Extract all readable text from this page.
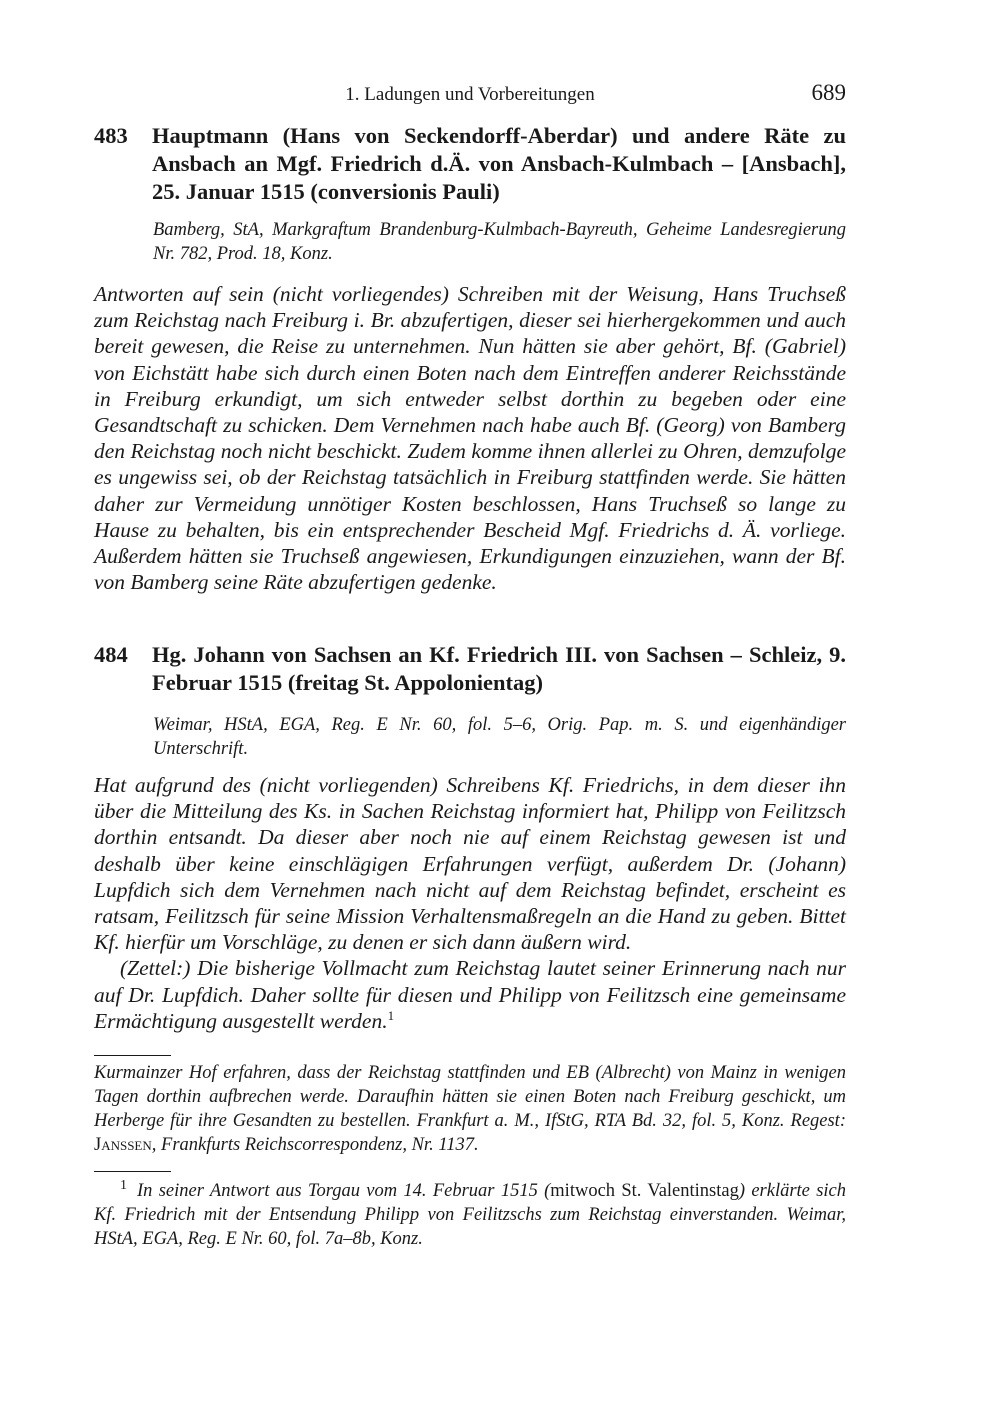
1. Ladungen und Vorbereitungen	689
483 Hauptmann (Hans von Seckendorff-Aberdar) und andere Räte zu Ansbach an Mgf. Friedrich d.Ä. von Ansbach-Kulmbach – [Ansbach], 25. Januar 1515 (conversionis Pauli)
Bamberg, StA, Markgraftum Brandenburg-Kulmbach-Bayreuth, Geheime Landesregierung Nr. 782, Prod. 18, Konz.

Antworten auf sein (nicht vorliegendes) Schreiben mit der Weisung, Hans Truchseß zum Reichstag nach Freiburg i. Br. abzufertigen, dieser sei hierhergekommen und auch bereit gewesen, die Reise zu unternehmen. Nun hätten sie aber gehört, Bf. (Gabriel) von Eichstätt habe sich durch einen Boten nach dem Eintreffen anderer Reichsstände in Freiburg erkundigt, um sich entweder selbst dorthin zu begeben oder eine Gesandtschaft zu schicken. Dem Vernehmen nach habe auch Bf. (Georg) von Bamberg den Reichstag noch nicht beschickt. Zudem komme ihnen allerlei zu Ohren, demzufolge es ungewiss sei, ob der Reichstag tatsächlich in Freiburg stattfinden werde. Sie hätten daher zur Vermeidung unnötiger Kosten beschlossen, Hans Truchseß so lange zu Hause zu behalten, bis ein entsprechender Bescheid Mgf. Friedrichs d. Ä. vorliege. Außerdem hätten sie Truchseß angewiesen, Erkundigungen einzuziehen, wann der Bf. von Bamberg seine Räte abzufertigen gedenke.

484 Hg. Johann von Sachsen an Kf. Friedrich III. von Sachsen – Schleiz, 9. Februar 1515 (freitag St. Appolonientag)
Weimar, HStA, EGA, Reg. E Nr. 60, fol. 5–6, Orig. Pap. m. S. und eigenhändiger Unterschrift.

Hat aufgrund des (nicht vorliegenden) Schreibens Kf. Friedrichs, in dem dieser ihn über die Mitteilung des Ks. in Sachen Reichstag informiert hat, Philipp von Feilitzsch dorthin entsandt. Da dieser aber noch nie auf einem Reichstag gewesen ist und deshalb über keine einschlägigen Erfahrungen verfügt, außerdem Dr. (Johann) Lupfdich sich dem Vernehmen nach nicht auf dem Reichstag befindet, erscheint es ratsam, Feilitzsch für seine Mission Verhaltensmaßregeln an die Hand zu geben. Bittet Kf. hierfür um Vorschläge, zu denen er sich dann äußern wird.

(Zettel:) Die bisherige Vollmacht zum Reichstag lautet seiner Erinnerung nach nur auf Dr. Lupfdich. Daher sollte für diesen und Philipp von Feilitzsch eine gemeinsame Ermächtigung ausgestellt werden.$^1$

Kurmainzer Hof erfahren, dass der Reichstag stattfinden und EB (Albrecht) von Mainz in wenigen Tagen dorthin aufbrechen werde. Daraufhin hätten sie einen Boten nach Freiburg geschickt, um Herberge für ihre Gesandten zu bestellen. Frankfurt a. M., IfStG, RTA Bd. 32, fol. 5, Konz. Regest: Janssen, Frankfurts Reichscorrespondenz, Nr. 1137.

$^1$ In seiner Antwort aus Torgau vom 14. Februar 1515 (mitwoch St. Valentinstag) erklärte sich Kf. Friedrich mit der Entsendung Philipp von Feilitzschs zum Reichstag einverstanden. Weimar, HStA, EGA, Reg. E Nr. 60, fol. 7a–8b, Konz.
